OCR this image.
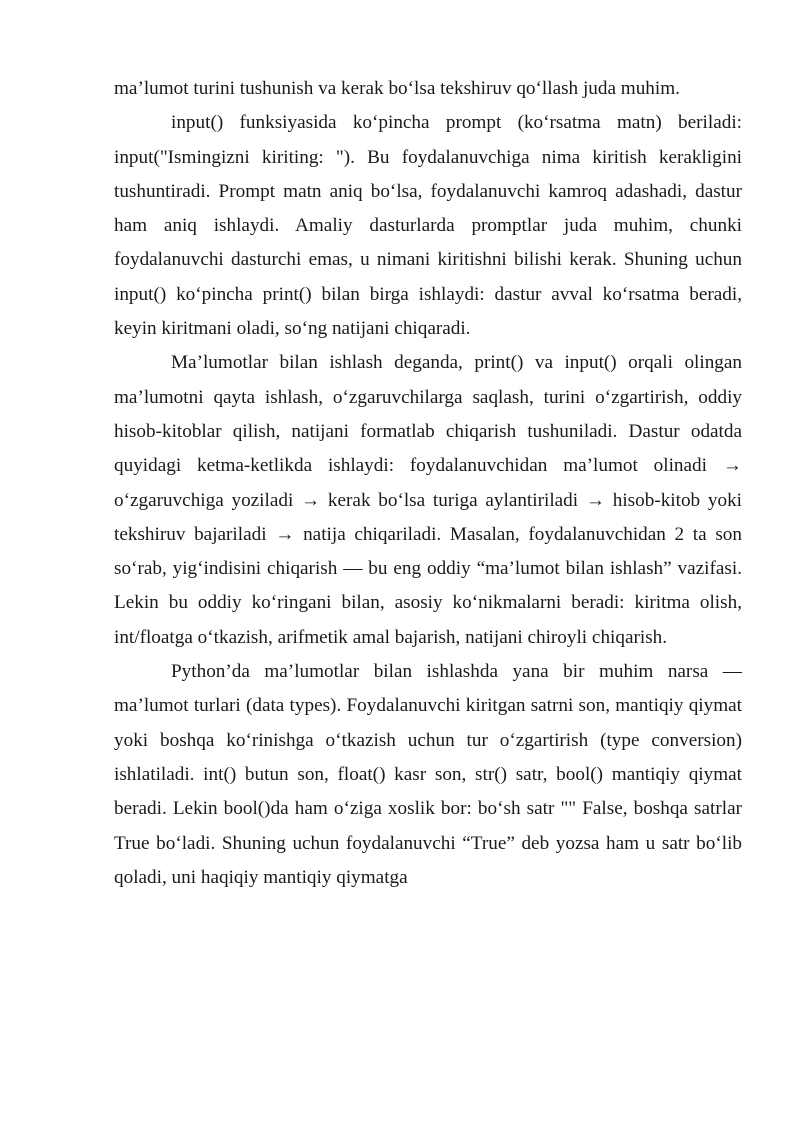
ma’lumot turini tushunish va kerak bo‘lsa tekshiruv qo‘llash juda muhim.

input() funksiyasida ko‘pincha prompt (ko‘rsatma matn) beriladi: input("Ismingizni kiriting: "). Bu foydalanuvchiga nima kiritish kerakligini tushuntiradi. Prompt matn aniq bo‘lsa, foydalanuvchi kamroq adashadi, dastur ham aniq ishlaydi. Amaliy dasturlarda promptlar juda muhim, chunki foydalanuvchi dasturchi emas, u nimani kiritishni bilishi kerak. Shuning uchun input() ko‘pincha print() bilan birga ishlaydi: dastur avval ko‘rsatma beradi, keyin kiritmani oladi, so‘ng natijani chiqaradi.

Ma’lumotlar bilan ishlash deganda, print() va input() orqali olingan ma’lumotni qayta ishlash, o‘zgaruvchilarga saqlash, turini o‘zgartirish, oddiy hisob-kitoblar qilish, natijani formatlab chiqarish tushuniladi. Dastur odatda quyidagi ketma-ketlikda ishlaydi: foydalanuvchidan ma’lumot olinadi → o‘zgaruvchiga yoziladi → kerak bo‘lsa turiga aylantiriladi → hisob-kitob yoki tekshiruv bajariladi → natija chiqariladi. Masalan, foydalanuvchidan 2 ta son so‘rab, yig‘indisini chiqarish — bu eng oddiy “ma’lumot bilan ishlash” vazifasi. Lekin bu oddiy ko‘ringani bilan, asosiy ko‘nikmalarni beradi: kiritma olish, int/floatga o‘tkazish, arifmetik amal bajarish, natijani chiroyli chiqarish.

Python’da ma’lumotlar bilan ishlashda yana bir muhim narsa — ma’lumot turlari (data types). Foydalanuvchi kiritgan satrni son, mantiqiy qiymat yoki boshqa ko‘rinishga o‘tkazish uchun tur o‘zgartirish (type conversion) ishlatiladi. int() butun son, float() kasr son, str() satr, bool() mantiqiy qiymat beradi. Lekin bool()da ham o‘ziga xoslik bor: bo‘sh satr "" False, boshqa satrlar True bo‘ladi. Shuning uchun foydalanuvchi “True” deb yozsa ham u satr bo‘lib qoladi, uni haqiqiy mantiqiy qiymatga
